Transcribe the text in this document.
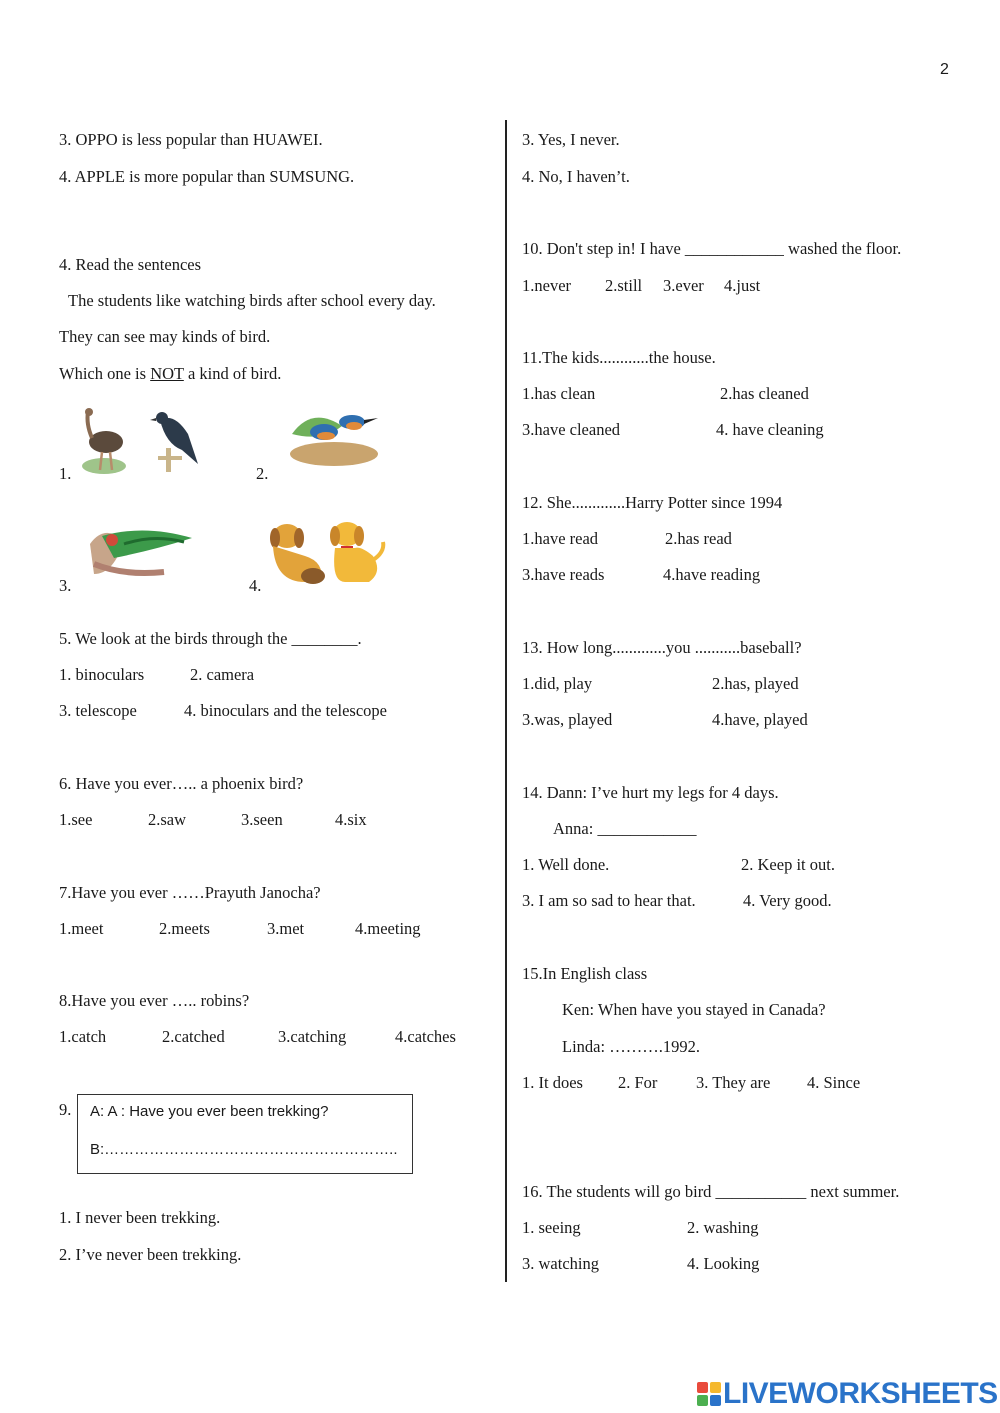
2
3. OPPO is less popular than HUAWEI.
4. APPLE is more popular than SUMSUNG.
4. Read the sentences
The students like watching birds after school every day.
They can see may kinds of bird.
Which one is NOT a kind of bird.
1.	2.
3.	4.
5. We look at the birds through the ________.
1. binoculars	2. camera
3. telescope	4. binoculars and the telescope
6. Have you ever….. a phoenix bird?
1.see	2.saw	3.seen	4.six
7.Have you ever ……Prayuth Janocha?
1.meet	2.meets	3.met	4.meeting
8.Have you ever ….. robins?
1.catch	2.catched	3.catching	4.catches
9. A: A : Have you ever been trekking?
B:…………………………………………………..
1. I never been trekking.
2. I’ve never been trekking.
3. Yes, I never.
4. No, I haven’t.
10. Don't step in! I have ____________ washed the floor.
1.never 2.still 3.ever 4.just
11.The kids............the house.
1.has clean	2.has cleaned
3.have cleaned	4. have cleaning
12. She.............Harry Potter since 1994
1.have read	2.has read
3.have reads	4.have reading
13. How long.............you ...........baseball?
1.did, play	2.has, played
3.was, played	4.have, played
14. Dann: I’ve hurt my legs for 4 days.
Anna: ____________
1. Well done.	2. Keep it out.
3. I am so sad to hear that.	4. Very good.
15.In English class
Ken: When have you stayed in Canada?
Linda: ……….1992.
1. It does 2. For 3. They are 4. Since
16. The students will go bird ___________ next summer.
1. seeing	2. washing
3. watching	4. Looking
LIVEWORKSHEETS
